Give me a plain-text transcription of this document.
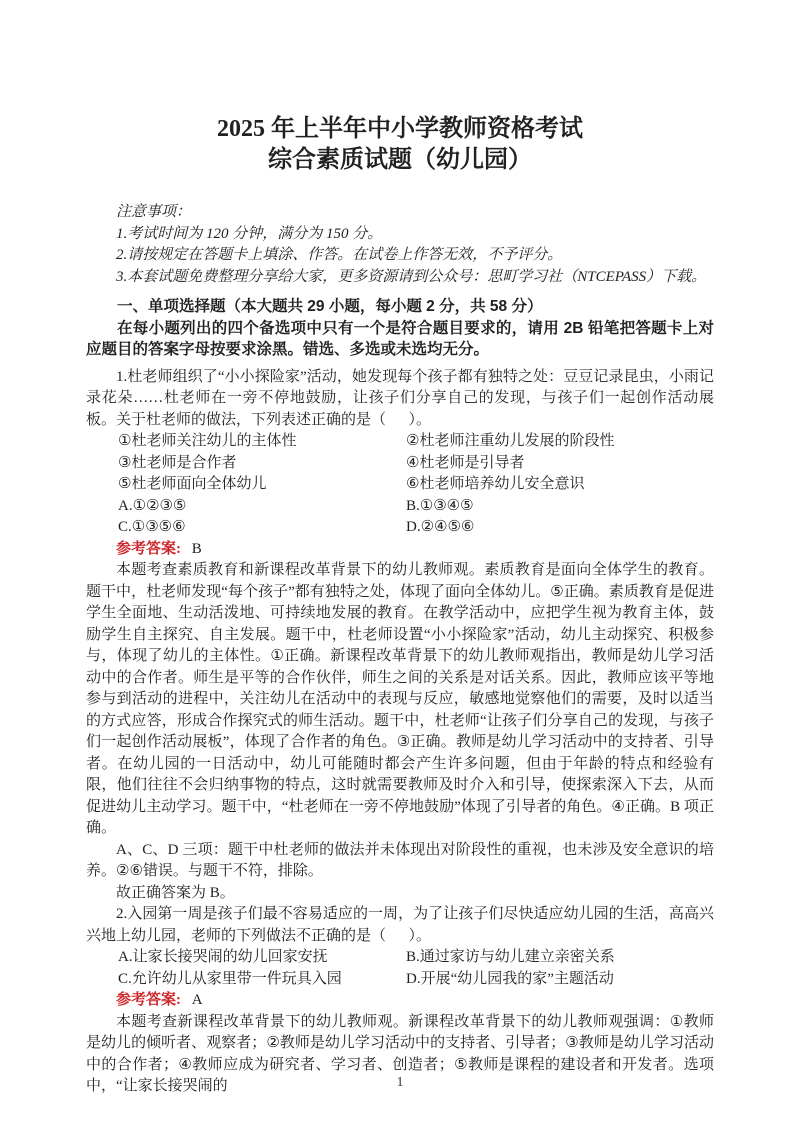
2025 年上半年中小学教师资格考试
综合素质试题（幼儿园）

注意事项：

1.考试时间为 120 分钟，满分为 150 分。

2.请按规定在答题卡上填涂、作答。在试卷上作答无效，不予评分。

3.本套试题免费整理分享给大家，更多资源请到公众号：思町学习社（NTCEPASS）下载。

一、单项选择题（本大题共 29 小题，每小题 2 分，共 58 分）

在每小题列出的四个备选项中只有一个是符合题目要求的，请用 2B 铅笔把答题卡上对应题目的答案字母按要求涂黑。错选、多选或未选均无分。

1.杜老师组织了“小小探险家”活动，她发现每个孩子都有独特之处：豆豆记录昆虫，小雨记录花朵……杜老师在一旁不停地鼓励，让孩子们分享自己的发现，与孩子们一起创作活动展板。关于杜老师的做法，下列表述正确的是（      ）。

①杜老师关注幼儿的主体性	②杜老师注重幼儿发展的阶段性
③杜老师是合作者	④杜老师是引导者
⑤杜老师面向全体幼儿	⑥杜老师培养幼儿安全意识
A.①②③⑤	B.①③④⑤
C.①③⑤⑥	D.②④⑤⑥

参考答案: B

本题考查素质教育和新课程改革背景下的幼儿教师观。素质教育是面向全体学生的教育。题干中，杜老师发现“每个孩子”都有独特之处，体现了面向全体幼儿。⑤正确。素质教育是促进学生全面地、生动活泼地、可持续地发展的教育。在教学活动中，应把学生视为教育主体，鼓励学生自主探究、自主发展。题干中，杜老师设置“小小探险家”活动，幼儿主动探究、积极参与，体现了幼儿的主体性。①正确。新课程改革背景下的幼儿教师观指出，教师是幼儿学习活动中的合作者。师生是平等的合作伙伴，师生之间的关系是对话关系。因此，教师应该平等地参与到活动的进程中，关注幼儿在活动中的表现与反应，敏感地觉察他们的需要，及时以适当的方式应答，形成合作探究式的师生活动。题干中，杜老师“让孩子们分享自己的发现，与孩子们一起创作活动展板”，体现了合作者的角色。③正确。教师是幼儿学习活动中的支持者、引导者。在幼儿园的一日活动中，幼儿可能随时都会产生许多问题，但由于年龄的特点和经验有限，他们往往不会归纳事物的特点，这时就需要教师及时介入和引导，使探索深入下去，从而促进幼儿主动学习。题干中，“杜老师在一旁不停地鼓励”体现了引导者的角色。④正确。B 项正确。

A、C、D 三项：题干中杜老师的做法并未体现出对阶段性的重视，也未涉及安全意识的培养。②⑥错误。与题干不符，排除。

故正确答案为 B。

2.入园第一周是孩子们最不容易适应的一周，为了让孩子们尽快适应幼儿园的生活，高高兴兴地上幼儿园，老师的下列做法不正确的是（      ）。

A.让家长接哭闹的幼儿回家安抚	B.通过家访与幼儿建立亲密关系
C.允许幼儿从家里带一件玩具入园	D.开展“幼儿园我的家”主题活动

参考答案: A

本题考查新课程改革背景下的幼儿教师观。新课程改革背景下的幼儿教师观强调：①教师是幼儿的倾听者、观察者；②教师是幼儿学习活动中的支持者、引导者；③教师是幼儿学习活动中的合作者；④教师应成为研究者、学习者、创造者；⑤教师是课程的建设者和开发者。选项中，“让家长接哭闹的	1
